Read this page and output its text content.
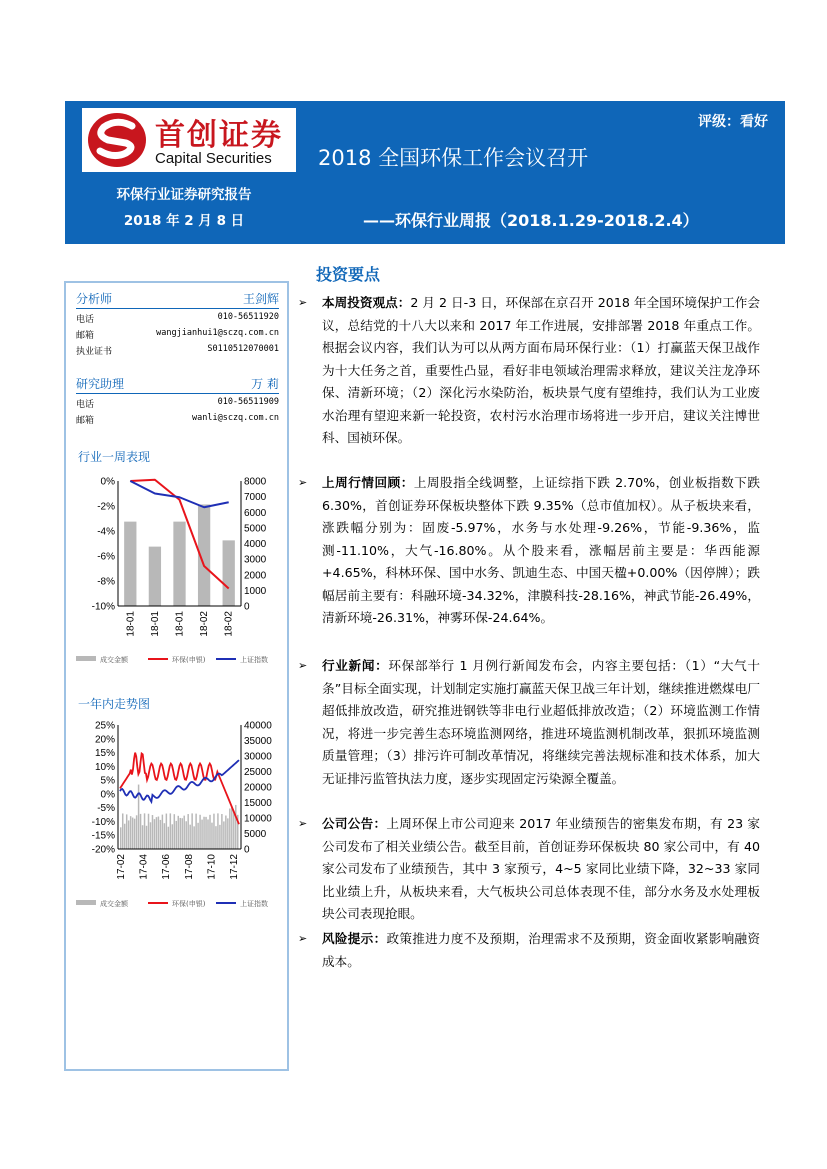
首创证券
Capital Securities
环保行业证券研究报告
2018 年 2 月 8 日
评级：看好
2018 全国环保工作会议召开
——环保行业周报（2018.1.29-2018.2.4）
分析师	王剑辉
电话	010-56511920
邮箱	wangjianhui1@sczq.com.cn
执业证书	S0110512070001
研究助理	万 莉
电话	010-56511909
邮箱	wanli@sczq.com.cn
行业一周表现
0%
-2%
-4%
-6%
-8%
-10%
8000
7000
6000
5000
4000
3000
2000
1000
0
18-01 18-01 18-01 18-02 18-02
成交金额	环保(申银)	上证指数
一年内走势图
25%
20%
15%
10%
5%
0%
-5%
-10%
-15%
-20%
40000
35000
30000
25000
20000
15000
10000
5000
0
17-02 17-04 17-06 17-08 17-10 17-12
成交金额	环保(申银)	上证指数
投资要点
➢ 本周投资观点：2 月 2 日-3 日，环保部在京召开 2018 年全国环境保护工作会议，总结党的十八大以来和 2017 年工作进展，安排部署 2018 年重点工作。根据会议内容，我们认为可以从两方面布局环保行业：（1）打赢蓝天保卫战作为十大任务之首，重要性凸显，看好非电领域治理需求释放，建议关注龙净环保、清新环境；（2）深化污水染防治，板块景气度有望维持，我们认为工业废水治理有望迎来新一轮投资，农村污水治理市场将进一步开启，建议关注博世科、国祯环保。
➢ 上周行情回顾：上周股指全线调整，上证综指下跌 2.70%，创业板指数下跌 6.30%，首创证券环保板块整体下跌 9.35%（总市值加权）。从子板块来看，涨跌幅分别为：固废-5.97%，水务与水处理-9.26%，节能-9.36%，监测-11.10%，大气-16.80%。从个股来看，涨幅居前主要是：华西能源+4.65%，科林环保、国中水务、凯迪生态、中国天楹+0.00%（因停牌）；跌幅居前主要有：科融环境-34.32%，津膜科技-28.16%，神武节能-26.49%，清新环境-26.31%，神雾环保-24.64%。
➢ 行业新闻：环保部举行 1 月例行新闻发布会，内容主要包括：（1）“大气十条”目标全面实现，计划制定实施打赢蓝天保卫战三年计划，继续推进燃煤电厂超低排放改造，研究推进钢铁等非电行业超低排放改造；（2）环境监测工作情况，将进一步完善生态环境监测网络，推进环境监测机制改革，狠抓环境监测质量管理；（3）排污许可制改革情况，将继续完善法规标准和技术体系，加大无证排污监管执法力度，逐步实现固定污染源全覆盖。
➢ 公司公告：上周环保上市公司迎来 2017 年业绩预告的密集发布期，有 23 家公司发布了相关业绩公告。截至目前，首创证券环保板块 80 家公司中，有 40 家公司发布了业绩预告，其中 3 家预亏，4~5 家同比业绩下降，32~33 家同比业绩上升，从板块来看，大气板块公司总体表现不佳，部分水务及水处理板块公司表现抢眼。
➢ 风险提示：政策推进力度不及预期，治理需求不及预期，资金面收紧影响融资成本。
